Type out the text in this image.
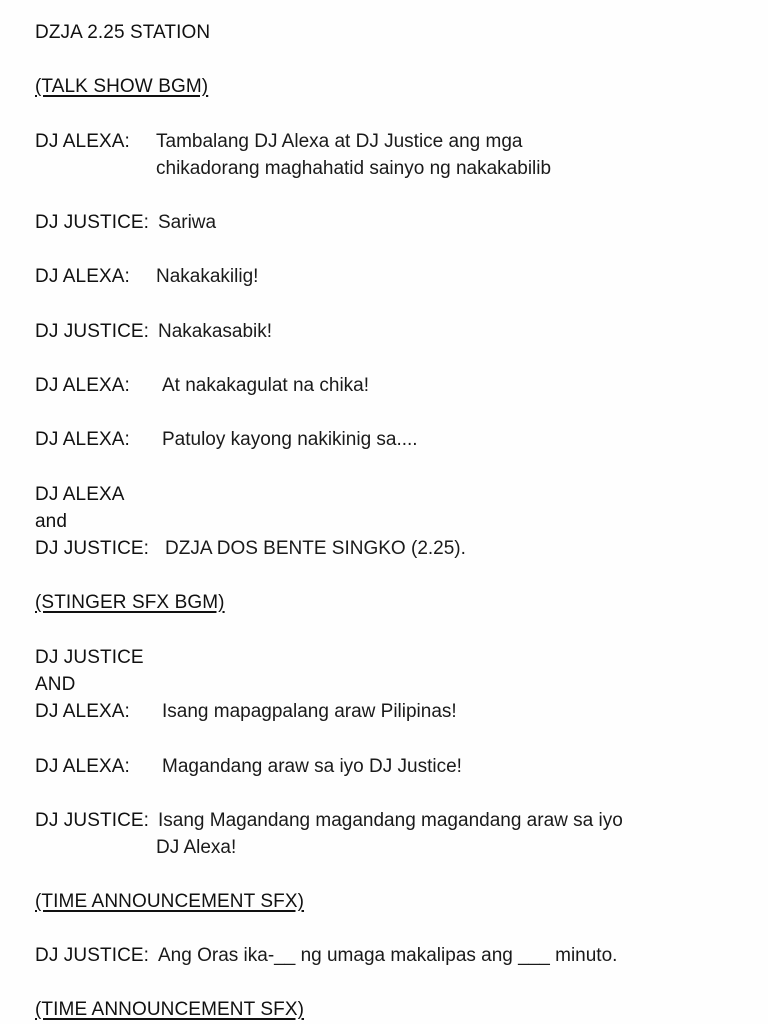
DZJA 2.25 STATION
(TALK SHOW BGM)
DJ ALEXA: Tambalang DJ Alexa at DJ Justice ang mga
chikadorang maghahatid sainyo ng nakakabilib
DJ JUSTICE: Sariwa
DJ ALEXA: Nakakakilig!
DJ JUSTICE: Nakakasabik!
DJ ALEXA: At nakakagulat na chika!
DJ ALEXA: Patuloy kayong nakikinig sa....
DJ ALEXA
and
DJ JUSTICE: DZJA DOS BENTE SINGKO (2.25).
(STINGER SFX BGM)
DJ JUSTICE
AND
DJ ALEXA: Isang mapagpalang araw Pilipinas!
DJ ALEXA: Magandang araw sa iyo DJ Justice!
DJ JUSTICE: Isang Magandang magandang magandang araw sa iyo
DJ Alexa!
(TIME ANNOUNCEMENT SFX)
DJ JUSTICE: Ang Oras ika-__ ng umaga makalipas ang ___ minuto.
(TIME ANNOUNCEMENT SFX)
